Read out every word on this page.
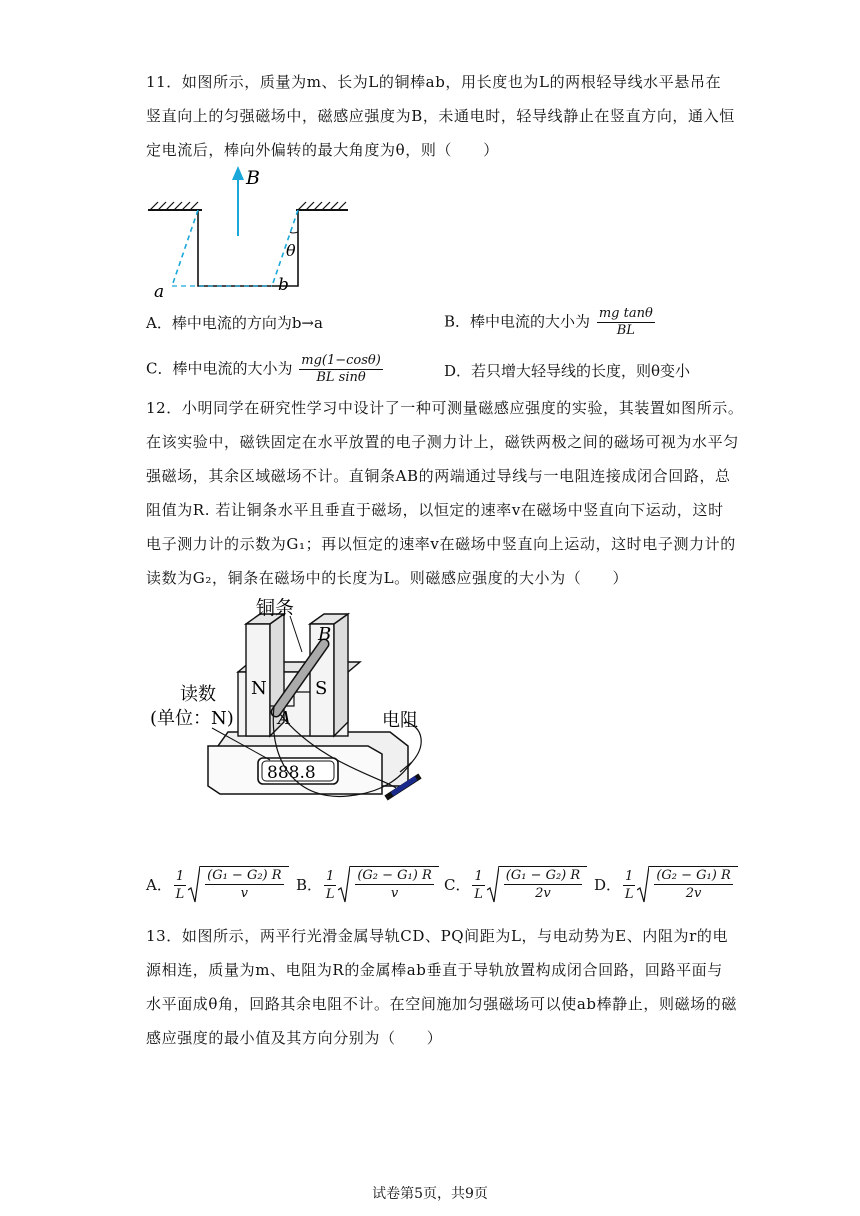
11．如图所示，质量为m、长为L的铜棒ab，用长度也为L的两根轻导线水平悬吊在
竖直向上的匀强磁场中，磁感应强度为B，未通电时，轻导线静止在竖直方向，通入恒
定电流后，棒向外偏转的最大角度为θ，则（　　）
θ
B
a	b
A．棒中电流的方向为b→a	B．棒中电流的大小为 $\frac{\text{mg tanθ}}{BL}$
C．棒中电流的大小为 $\frac{mg(1-\cos\theta)}{\text{BL sinθ}}$	D．若只增大轻导线的长度，则θ变小
12．小明同学在研究性学习中设计了一种可测量磁感应强度的实验，其装置如图所示。
在该实验中，磁铁固定在水平放置的电子测力计上，磁铁两极之间的磁场可视为水平匀
强磁场，其余区域磁场不计。直铜条AB的两端通过导线与一电阻连接成闭合回路，总
阻值为R. 若让铜条水平且垂直于磁场，以恒定的速率v在磁场中竖直向下运动，这时
电子测力计的示数为G₁；再以恒定的速率v在磁场中竖直向上运动，这时电子测力计的
读数为G₂，铜条在磁场中的长度为L。则磁感应强度的大小为（　　）
888.8
N	S
铜条
B
A
读数
(单位：N)	电阻
A． 1
L $\frac{\text{(G₁ − G₂) R}}{v}$ B． 1
L $\frac{\text{(G₂ − G₁) R}}{v}$ C． 1
L $\frac{\text{(G₁ − G₂) R}}{2v}$ D． 1
L $\frac{\text{(G₂ − G₁) R}}{2v}$
13．如图所示，两平行光滑金属导轨CD、PQ间距为L，与电动势为E、内阻为r的电
源相连，质量为m、电阻为R的金属棒ab垂直于导轨放置构成闭合回路，回路平面与
水平面成θ角，回路其余电阻不计。在空间施加匀强磁场可以使ab棒静止，则磁场的磁
感应强度的最小值及其方向分别为（　　）
试卷第5页，共9页
